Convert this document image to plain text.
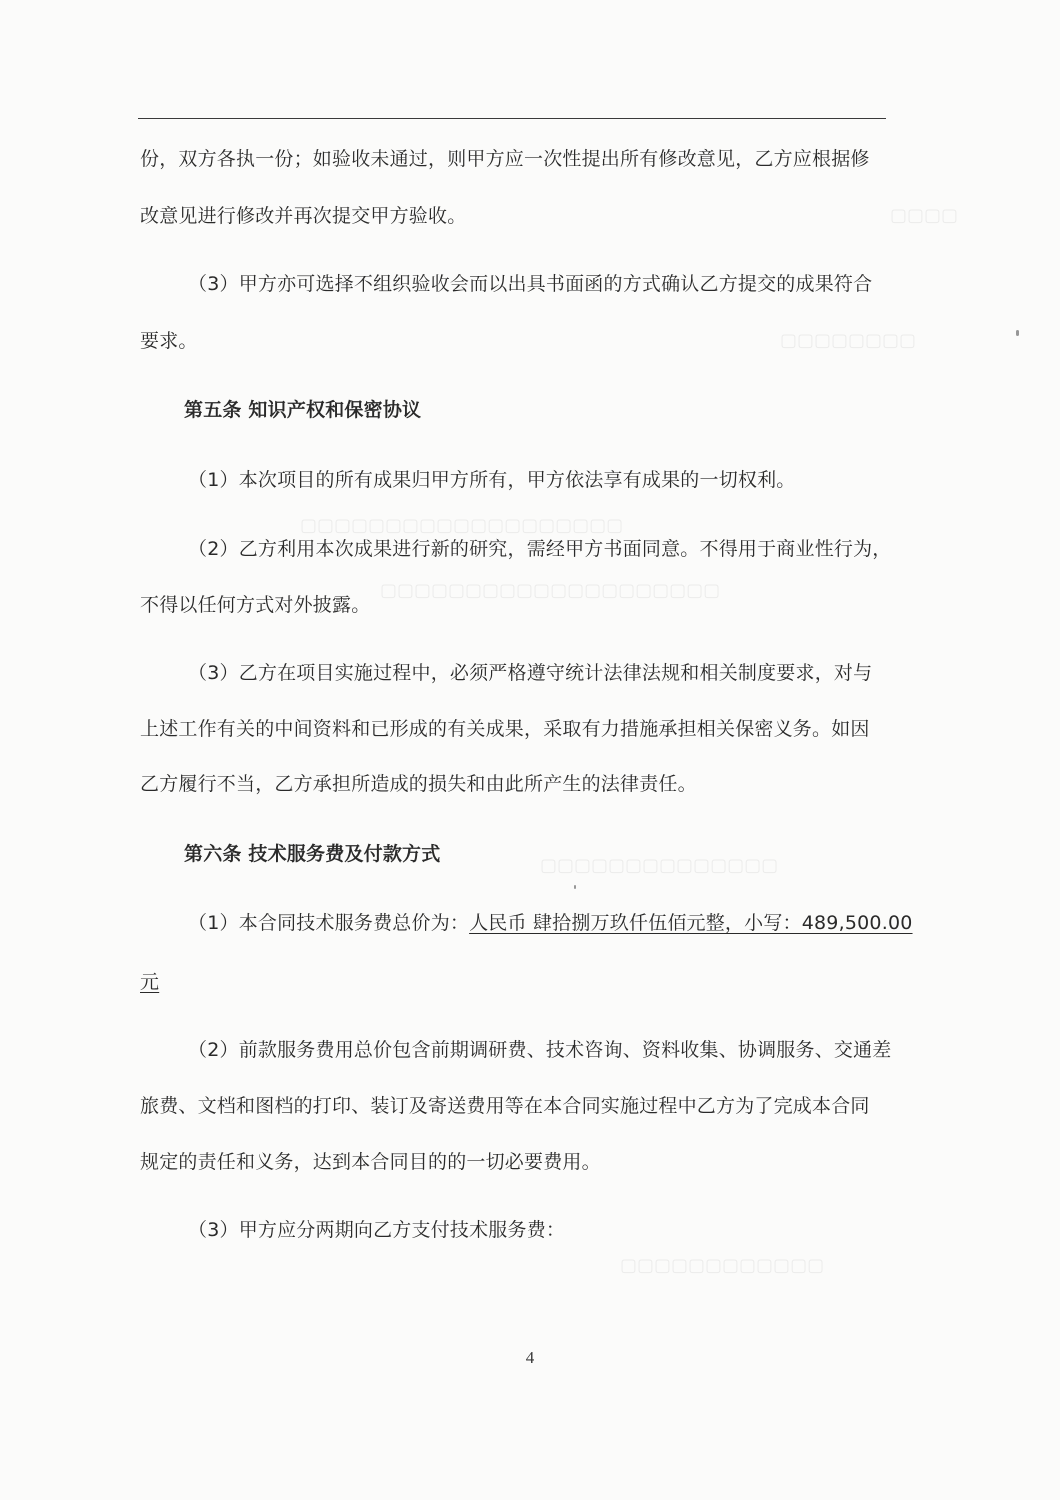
▢▢▢▢
▢▢▢▢▢▢▢▢
▢▢▢▢▢▢▢▢▢▢▢▢▢▢▢▢▢▢▢
▢▢▢▢▢▢▢▢▢▢▢▢▢▢▢▢▢▢▢▢
▢▢▢▢▢▢▢▢▢▢▢▢▢▢
▢▢▢▢▢▢▢▢▢▢▢▢
份，双方各执一份；如验收未通过，则甲方应一次性提出所有修改意见，乙方应根据修
改意见进行修改并再次提交甲方验收。
（3）甲方亦可选择不组织验收会而以出具书面函的方式确认乙方提交的成果符合
要求。
第五条 知识产权和保密协议
（1）本次项目的所有成果归甲方所有，甲方依法享有成果的一切权利。
（2）乙方利用本次成果进行新的研究，需经甲方书面同意。不得用于商业性行为，
不得以任何方式对外披露。
（3）乙方在项目实施过程中，必须严格遵守统计法律法规和相关制度要求，对与
上述工作有关的中间资料和已形成的有关成果，采取有力措施承担相关保密义务。如因
乙方履行不当，乙方承担所造成的损失和由此所产生的法律责任。
第六条 技术服务费及付款方式
（1）本合同技术服务费总价为：人民币 肆拾捌万玖仟伍佰元整，小写：489,500.00
元
（2）前款服务费用总价包含前期调研费、技术咨询、资料收集、协调服务、交通差
旅费、文档和图档的打印、装订及寄送费用等在本合同实施过程中乙方为了完成本合同
规定的责任和义务，达到本合同目的的一切必要费用。
（3）甲方应分两期向乙方支付技术服务费：
4
